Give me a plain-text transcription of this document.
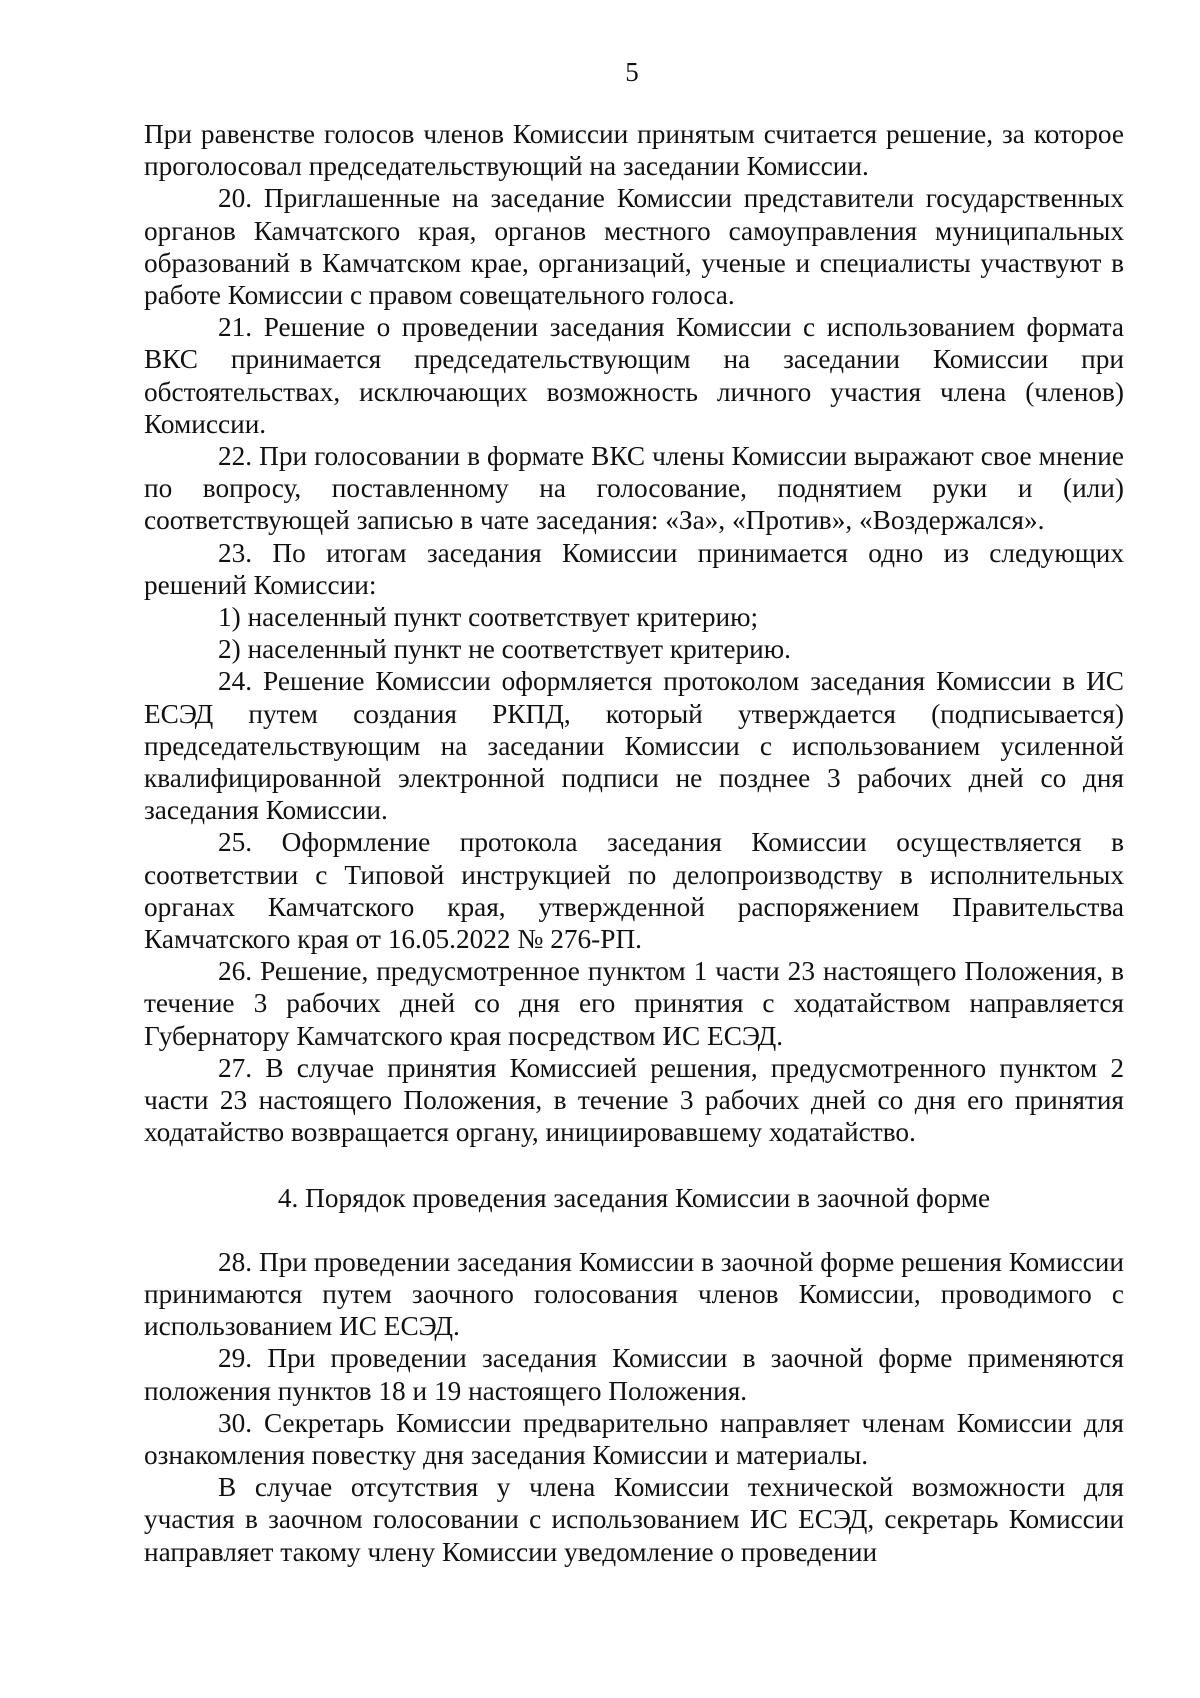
5

При равенстве голосов членов Комиссии принятым считается решение, за которое проголосовал председательствующий на заседании Комиссии.

20. Приглашенные на заседание Комиссии представители государственных органов Камчатского края, органов местного самоуправления муниципальных образований в Камчатском крае, организаций, ученые и специалисты участвуют в работе Комиссии с правом совещательного голоса.

21. Решение о проведении заседания Комиссии с использованием формата ВКС принимается председательствующим на заседании Комиссии при обстоятельствах, исключающих возможность личного участия члена (членов) Комиссии.

22. При голосовании в формате ВКС члены Комиссии выражают свое мнение по вопросу, поставленному на голосование, поднятием руки и (или) соответствующей записью в чате заседания: «За», «Против», «Воздержался».

23. По итогам заседания Комиссии принимается одно из следующих решений Комиссии:

1) населенный пункт соответствует критерию;

2) населенный пункт не соответствует критерию.

24. Решение Комиссии оформляется протоколом заседания Комиссии в ИС ЕСЭД путем создания РКПД, который утверждается (подписывается) председательствующим на заседании Комиссии с использованием усиленной квалифицированной электронной подписи не позднее 3 рабочих дней со дня заседания Комиссии.

25. Оформление протокола заседания Комиссии осуществляется в соответствии с Типовой инструкцией по делопроизводству в исполнительных органах Камчатского края, утвержденной распоряжением Правительства Камчатского края от 16.05.2022 № 276-РП.

26. Решение, предусмотренное пунктом 1 части 23 настоящего Положения, в течение 3 рабочих дней со дня его принятия с ходатайством направляется Губернатору Камчатского края посредством ИС ЕСЭД.

27. В случае принятия Комиссией решения, предусмотренного пунктом 2 части 23 настоящего Положения, в течение 3 рабочих дней со дня его принятия ходатайство возвращается органу, инициировавшему ходатайство.

4. Порядок проведения заседания Комиссии в заочной форме

28. При проведении заседания Комиссии в заочной форме решения Комиссии принимаются путем заочного голосования членов Комиссии, проводимого с использованием ИС ЕСЭД.

29. При проведении заседания Комиссии в заочной форме применяются положения пунктов 18 и 19 настоящего Положения.

30. Секретарь Комиссии предварительно направляет членам Комиссии для ознакомления повестку дня заседания Комиссии и материалы.

В случае отсутствия у члена Комиссии технической возможности для участия в заочном голосовании с использованием ИС ЕСЭД, секретарь Комиссии направляет такому члену Комиссии уведомление о проведении
